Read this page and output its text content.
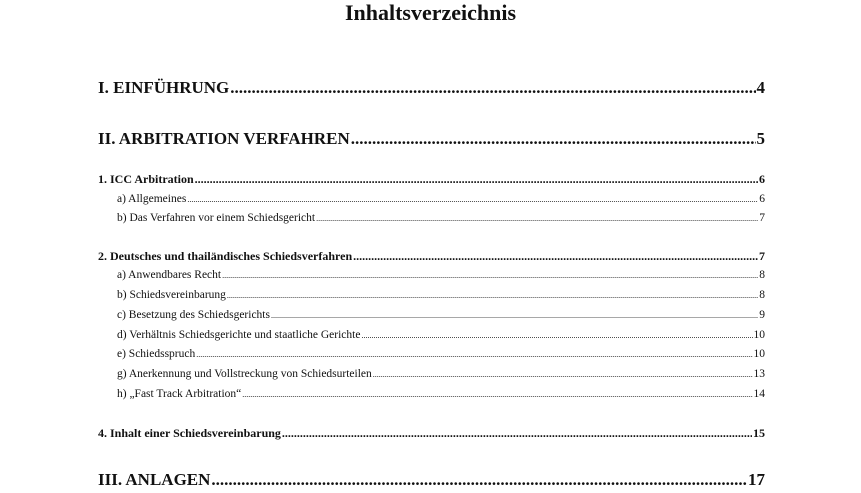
Inhaltsverzeichnis
I. EINFÜHRUNG .....	4
II. ARBITRATION VERFAHREN .....	5
1. ICC Arbitration .....	6
a) Allgemeines .....	6
b) Das Verfahren vor einem Schiedsgericht .....	7
2. Deutsches und thailändisches Schiedsverfahren .....	7
a) Anwendbares Recht .....	8
b) Schiedsvereinbarung .....	8
c) Besetzung des Schiedsgerichts .....	9
d) Verhältnis Schiedsgerichte und staatliche Gerichte .....	10
e) Schiedsspruch .....	10
g) Anerkennung und Vollstreckung von Schiedsurteilen .....	13
h) „Fast Track Arbitration“ .....	14
4. Inhalt einer Schiedsvereinbarung .....	15
III. ANLAGEN .....	17
